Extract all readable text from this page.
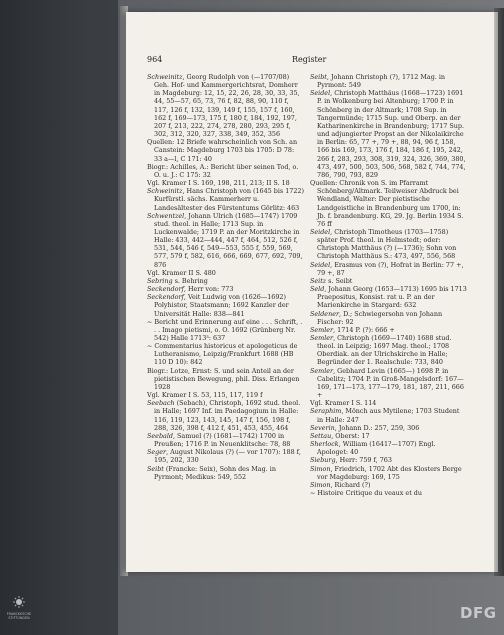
964	Register

Schweinitz, Georg Rudolph von (—1707/08) Geh. Hof- und Kammergerichtsrat, Domherr in Magdeburg: 12, 15, 22, 26, 28, 30, 33, 35, 44, 55—57, 65, 73, 76 f, 82, 88, 90, 110 f, 117, 126 f, 132, 139, 149 f, 155, 157 f, 160, 162 f, 169—173, 175 f, 180 f, 184, 192, 197, 207 f, 213, 222, 274, 278, 280, 293, 295 f, 302, 312, 320, 327, 338, 349, 352, 356

Quellen: 12 Briefe wahrscheinlich von Sch. an Canstein: Magdeburg 1703 bis 1705: D 78: 33 a—l, C 171: 40

Biogr.: Achilles, A.: Bericht über seinen Tod, o. O. u. J.: C 175: 32

Vgl. Kramer I S. 169, 198, 211, 213; II S. 18

Schweinitz, Hans Christoph von (1645 bis 1722) Kurfürstl. sächs. Kammerherr u. Landesältester des Fürstentums Görlitz: 463

Schwentzel, Johann Ulrich (1685—1747) 1709 stud. theol. in Halle; 1713 Sup. in Luckenwalde; 1719 P. an der Moritzkirche in Halle: 433, 442—444, 447 f, 464, 512, 526 f, 531, 544, 546 f, 549—553, 555 f, 559, 569, 577, 579 f, 582, 616, 666, 669, 677, 692, 709, 876

Vgl. Kramer II S. 480

Sebring s. Behring

Seckendorf, Herr von: 773

Seckendorf, Veit Ludwig von (1626—1692) Polyhistor, Staatsmann; 1692 Kanzler der Universität Halle: 838—841

~ Bericht und Erinnerung auf eine . . . Schrift, . . . Imago pietismi, o. O. 1692 (Grünberg Nr. 542) Halle 1713³: 637

~ Commentarius historicus et apologeticus de Lutheranismo, Leipzig/Frankfurt 1688 (HB 110 D 10): 842

Biogr.: Lotze, Ernst: S. und sein Anteil an der pietistischen Bewegung, phil. Diss. Erlangen 1928

Vgl. Kramer I S. 53, 115, 117, 119 f

Seebach (Sebach), Christoph, 1692 stud. theol. in Halle; 1697 Inf. im Paedagogium in Halle: 116, 119, 123, 143, 145, 147 f, 156, 198 f, 288, 326, 398 f, 412 f, 451, 453, 455, 464

Seebald, Samuel (?) (1681—1742) 1700 in Preußen; 1716 P. in Neuenklitsche: 78, 88

Seger, August Nikolaus (?) (— vor 1707): 188 f, 195, 202, 330

Seibt (Francke: Seix), Sohn des Mag. in Pyrmont; Medikus: 549, 552

Seibt, Johann Christoph (?), 1712 Mag. in Pyrmont: 549

Seidel, Christoph Matthäus (1668—1723) 1691 P. in Wolkenburg bei Altenburg; 1700 P. in Schönberg in der Altmark; 1708 Sup. in Tangermünde; 1715 Sup. und Oberp. an der Katharinenkirche in Brandenburg; 1717 Sup. und adjungierter Propst an der Nikolaikirche in Berlin: 65, 77 +, 79 +, 88, 94, 96 f, 158, 166 bis 169, 173, 176 f, 184, 186 f, 195, 242, 266 f, 283, 293, 308, 319, 324, 326, 369, 380, 473, 497, 500, 503, 506, 568, 582 f, 744, 774, 786, 790, 793, 829

Quellen: Chronik von S. im Pfarramt Schönberg/Altmark. Teilweiser Abdruck bei Wendland, Walter: Der pietistische Landgeistliche in Brandenburg um 1700, in: Jb. f. brandenburg. KG, 29. Jg. Berlin 1934 S. 76 ff

Seidel, Christoph Timotheus (1703—1758) später Prof. theol. in Helmstedt; oder: Christoph Matthäus (?) (—1736); Sohn von Christoph Matthäus S.: 473, 497, 556, 568

Seidel, Erasmus von (?), Hofrat in Berlin: 77 +, 79 +, 87

Seitz s. Seibt

Seld, Johann Georg (1653—1713) 1695 bis 1713 Praepositus, Konsist. rat u. P. an der Marienkirche in Stargard: 632

Seldener, D.; Schwiegersohn von Johann Fischer: 92

Semler, 1714 P. (?): 666 +

Semler, Christoph (1669—1740) 1688 stud. theol. in Leipzig; 1697 Mag. theol.; 1708 Oberdiak. an der Ulrichskirche in Halle; Begründer der 1. Realschule: 733, 840

Semler, Gebhard Levin (1665—) 1698 P. in Cabelitz; 1704 P. in Groß-Mangelsdorf: 167—169, 171—173, 177—179, 181, 187, 211, 666 +

Vgl. Kramer I S. 114

Seraphim, Mönch aus Mytilene; 1703 Student in Halle: 247

Severin, Johann D.: 257, 259, 306

Settau, Oberst: 17

Sherlock, William (1641?—1707) Engl. Apologet: 40

Sieburg, Herr: 759 f, 763

Simon, Friedrich, 1702 Abt des Klosters Berge vor Magdeburg: 169, 175

Simon, Richard (?)

~ Histoire Critique du veaux et du

FRANCKESCHE STIFTUNGEN	DFG
